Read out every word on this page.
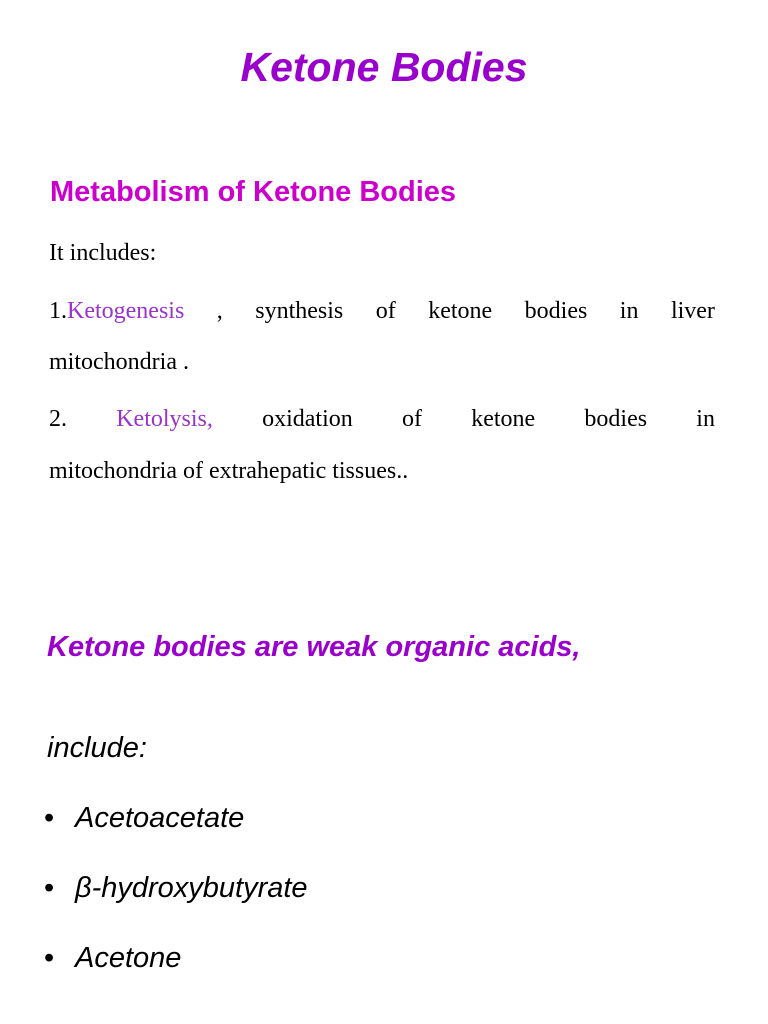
Ketone Bodies
Metabolism of Ketone Bodies
It includes:
1. Ketogenesis , synthesis of ketone bodies in liver
mitochondria .
2. Ketolysis, oxidation of ketone bodies in
mitochondria of extrahepatic tissues..
Ketone bodies are weak organic acids,
include:
• Acetoacetate
• β-hydroxybutyrate
• Acetone
